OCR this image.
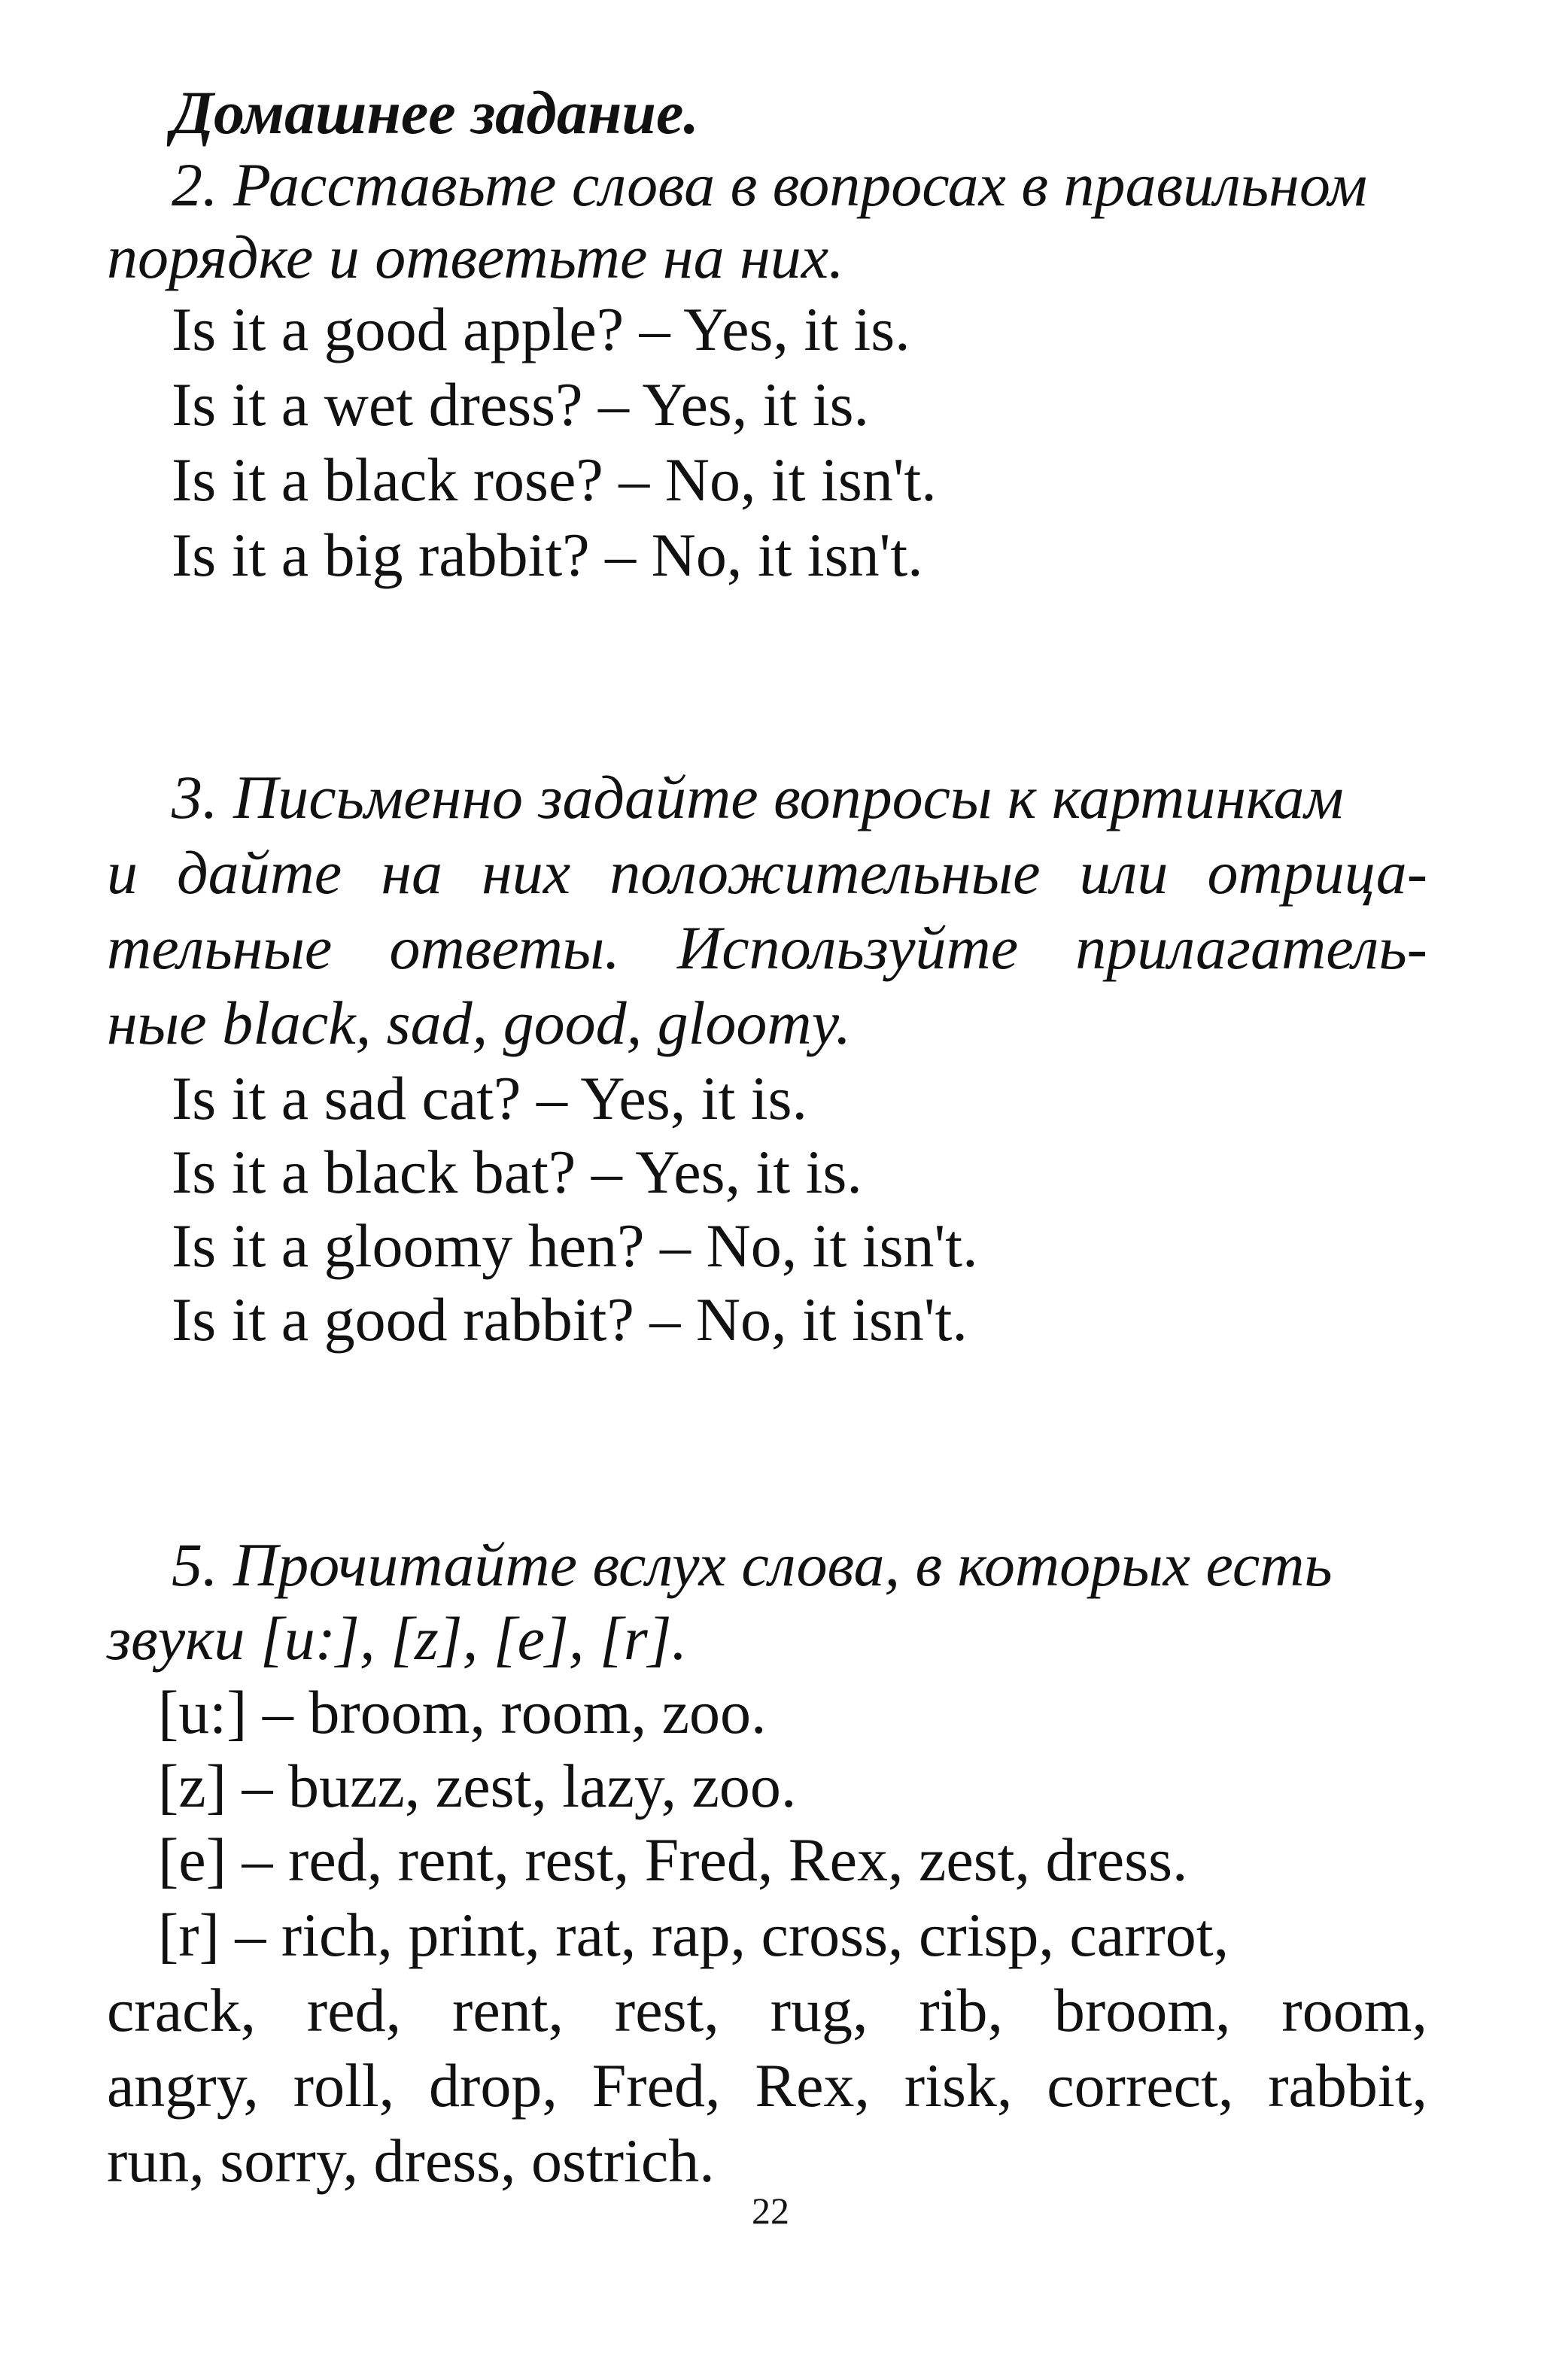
Домашнее задание.
2. Расставьте слова в вопросах в правильном
порядке и ответьте на них.
Is it a good apple? – Yes, it is.
Is it a wet dress? – Yes, it is.
Is it a black rose? – No, it isn't.
Is it a big rabbit? – No, it isn't.
3. Письменно задайте вопросы к картинкам
и дайте на них положительные или отрица-
тельные ответы. Используйте прилагатель-
ные black, sad, good, gloomy.
Is it a sad cat? – Yes, it is.
Is it a black bat? – Yes, it is.
Is it a gloomy hen? – No, it isn't.
Is it a good rabbit? – No, it isn't.
5. Прочитайте вслух слова, в которых есть
звуки [u:], [z], [e], [r].
[u:] – broom, room, zoo.
[z] – buzz, zest, lazy, zoo.
[e] – red, rent, rest, Fred, Rex, zest, dress.
[r] – rich, print, rat, rap, cross, crisp, carrot,
crack, red, rent, rest, rug, rib, broom, room,
angry, roll, drop, Fred, Rex, risk, correct, rabbit,
run, sorry, dress, ostrich.
22
